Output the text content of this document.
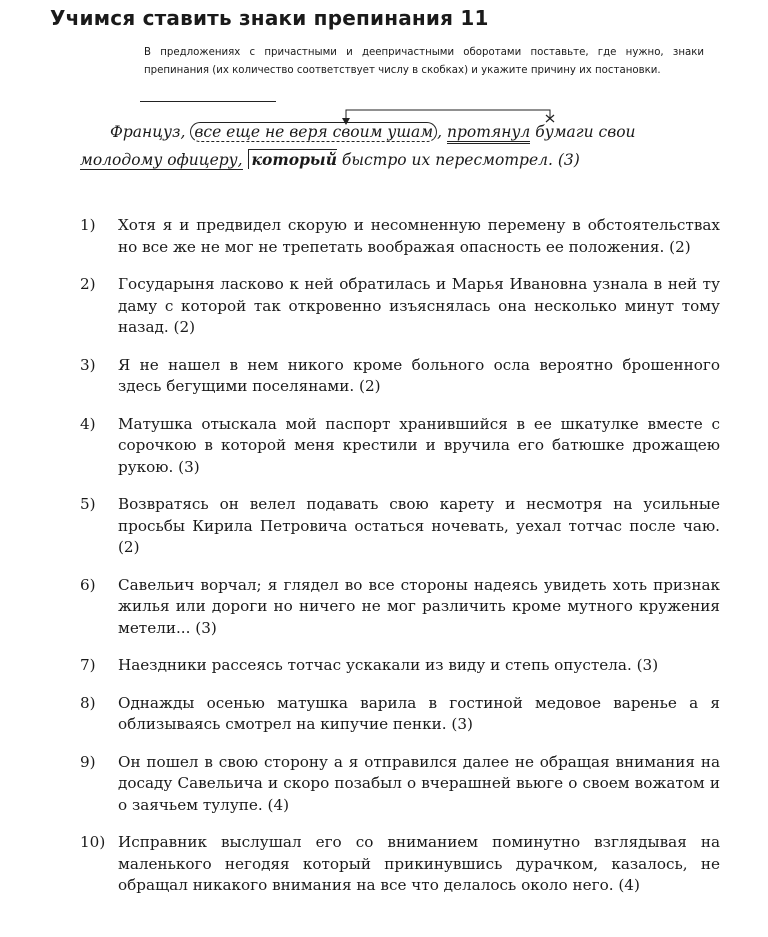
Учимся ставить знаки препинания 11
В предложениях с причастными и деепричастными оборотами поставьте, где нужно, знаки препинания (их количество соответствует числу в скобках) и укажите причину их постановки.
Француз, все еще не веря своим ушам , протянул бумаги свои
молодому офицеру, который быстро их пересмотрел. (3)
1)	Хотя я и предвидел скорую и несомненную перемену в обстоятельствах но все же не мог не трепетать воображая опасность ее положения. (2)
2)	Государыня ласково к ней обратилась и Марья Ивановна узнала в ней ту даму с которой так откровенно изъяснялась она несколько минут тому назад. (2)
3)	Я не нашел в нем никого кроме больного осла вероятно брошенного здесь бегущими поселянами. (2)
4)	Матушка отыскала мой паспорт хранившийся в ее шкатулке вместе с сорочкою в которой меня крестили и вручила его батюшке дрожащею рукою. (3)
5)	Возвратясь он велел подавать свою карету и несмотря на усильные просьбы Кирила Петровича остаться ночевать, уехал тотчас после чаю. (2)
6)	Савельич ворчал; я глядел во все стороны надеясь увидеть хоть признак жилья или дороги но ничего не мог различить кроме мутного кружения метели... (3)
7)	Наездники рассеясь тотчас ускакали из виду и степь опустела. (3)
8)	Однажды осенью матушка варила в гостиной медовое варенье а я облизываясь смотрел на кипучие пенки. (3)
9)	Он пошел в свою сторону а я отправился далее не обращая внимания на досаду Савельича и скоро позабыл о вчерашней вьюге о своем вожатом и о заячьем тулупе. (4)
10) Исправник выслушал его со вниманием поминутно взглядывая на маленького негодяя который прикинувшись дурачком, казалось, не обращал никакого внимания на все что делалось около него. (4)
